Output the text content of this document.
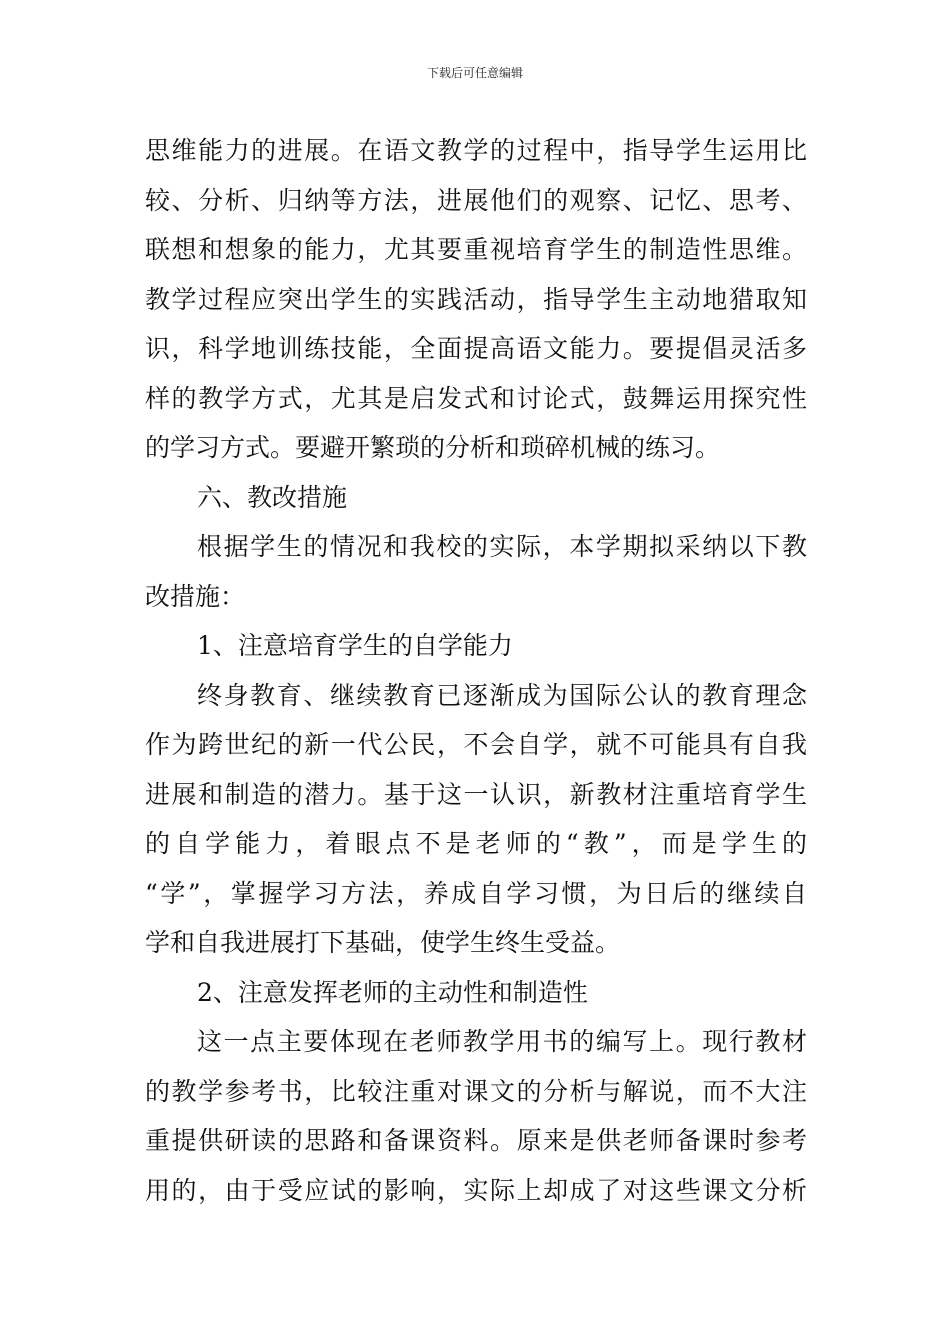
下载后可任意编辑
思维能力的进展。在语文教学的过程中，指导学生运用比
较、分析、归纳等方法，进展他们的观察、记忆、思考、
联想和想象的能力，尤其要重视培育学生的制造性思维。
教学过程应突出学生的实践活动，指导学生主动地猎取知
识，科学地训练技能，全面提高语文能力。要提倡灵活多
样的教学方式，尤其是启发式和讨论式，鼓舞运用探究性
的学习方式。要避开繁琐的分析和琐碎机械的练习。
六、教改措施
根据学生的情况和我校的实际，本学期拟采纳以下教
改措施：
1、注意培育学生的自学能力
终身教育、继续教育已逐渐成为国际公认的教育理念
作为跨世纪的新一代公民，不会自学，就不可能具有自我
进展和制造的潜力。基于这一认识，新教材注重培育学生
的自学能力，着眼点不是老师的“教”，而是学生的
“学”，掌握学习方法，养成自学习惯，为日后的继续自
学和自我进展打下基础，使学生终生受益。
2、注意发挥老师的主动性和制造性
这一点主要体现在老师教学用书的编写上。现行教材
的教学参考书，比较注重对课文的分析与解说，而不大注
重提供研读的思路和备课资料。原来是供老师备课时参考
用的，由于受应试的影响，实际上却成了对这些课文分析
